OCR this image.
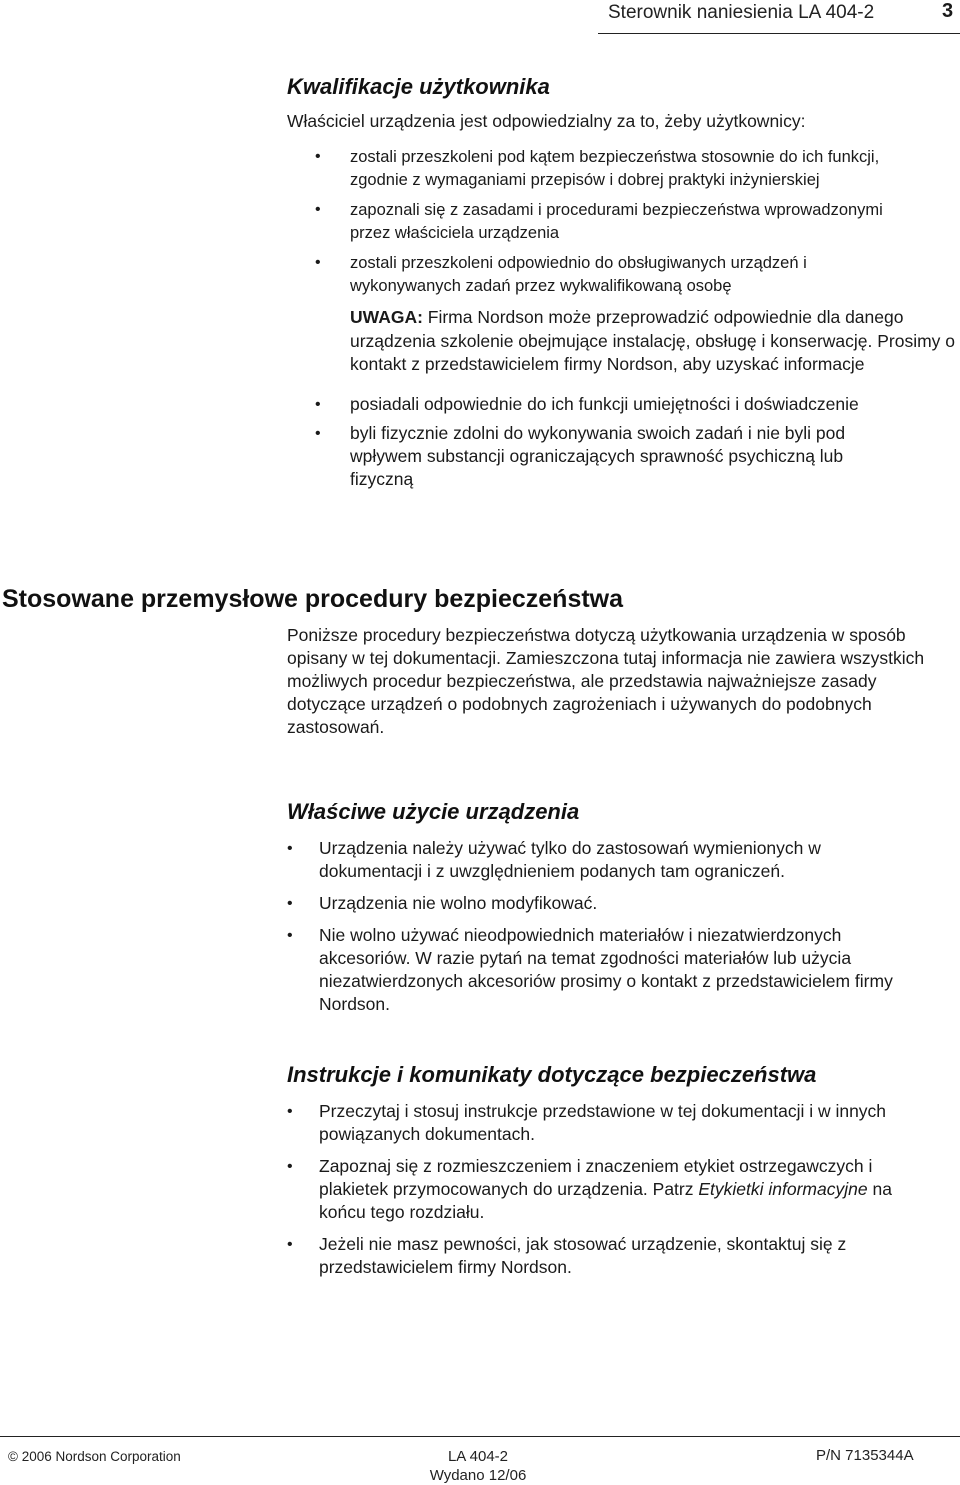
Sterownik naniesienia LA 404-2	3
Kwalifikacje użytkownika

Właściciel urządzenia jest odpowiedzialny za to, żeby użytkownicy:

• zostali przeszkoleni pod kątem bezpieczeństwa stosownie do ich funkcji, zgodnie z wymaganiami przepisów i dobrej praktyki inżynierskiej
• zapoznali się z zasadami i procedurami bezpieczeństwa wprowadzonymi przez właściciela urządzenia
• zostali przeszkoleni odpowiednio do obsługiwanych urządzeń i wykonywanych zadań przez wykwalifikowaną osobę
UWAGA: Firma Nordson może przeprowadzić odpowiednie dla danego urządzenia szkolenie obejmujące instalację, obsługę i konserwację. Prosimy o kontakt z przedstawicielem firmy Nordson, aby uzyskać informacje
• posiadali odpowiednie do ich funkcji umiejętności i doświadczenie
• byli fizycznie zdolni do wykonywania swoich zadań i nie byli pod wpływem substancji ograniczających sprawność psychiczną lub fizyczną
Stosowane przemysłowe procedury bezpieczeństwa

Poniższe procedury bezpieczeństwa dotyczą użytkowania urządzenia w sposób opisany w tej dokumentacji. Zamieszczona tutaj informacja nie zawiera wszystkich możliwych procedur bezpieczeństwa, ale przedstawia najważniejsze zasady dotyczące urządzeń o podobnych zagrożeniach i używanych do podobnych zastosowań.

Właściwe użycie urządzenia
• Urządzenia należy używać tylko do zastosowań wymienionych w dokumentacji i z uwzględnieniem podanych tam ograniczeń.
• Urządzenia nie wolno modyfikować.
• Nie wolno używać nieodpowiednich materiałów i niezatwierdzonych akcesoriów. W razie pytań na temat zgodności materiałów lub użycia niezatwierdzonych akcesoriów prosimy o kontakt z przedstawicielem firmy Nordson.
Instrukcje i komunikaty dotyczące bezpieczeństwa
• Przeczytaj i stosuj instrukcje przedstawione w tej dokumentacji i w innych powiązanych dokumentach.
• Zapoznaj się z rozmieszczeniem i znaczeniem etykiet ostrzegawczych i plakietek przymocowanych do urządzenia. Patrz Etykietki informacyjne na końcu tego rozdziału.
• Jeżeli nie masz pewności, jak stosować urządzenie, skontaktuj się z przedstawicielem firmy Nordson.
© 2006 Nordson Corporation	LA 404-2
Wydano 12/06
P/N 7135344A
